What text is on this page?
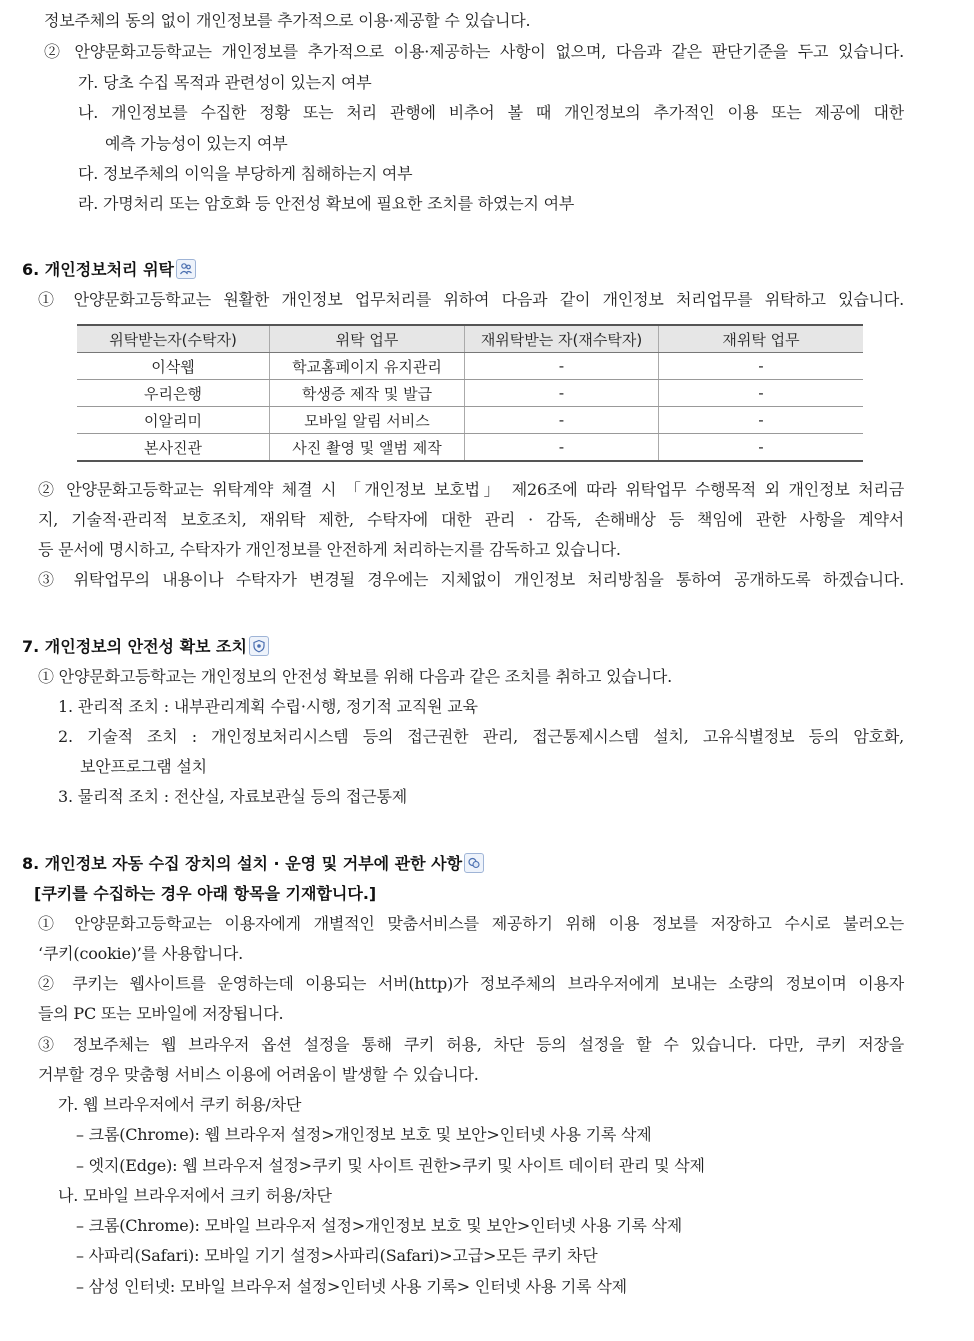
정보주체의 동의 없이 개인정보를 추가적으로 이용·제공할 수 있습니다.
② 안양문화고등학교는 개인정보를 추가적으로 이용·제공하는 사항이 없으며, 다음과 같은 판단기준을 두고 있습니다.
가. 당초 수집 목적과 관련성이 있는지 여부
나. 개인정보를 수집한 정황 또는 처리 관행에 비추어 볼 때 개인정보의 추가적인 이용 또는 제공에 대한
예측 가능성이 있는지 여부
다. 정보주체의 이익을 부당하게 침해하는지 여부
라. 가명처리 또는 암호화 등 안전성 확보에 필요한 조치를 하였는지 여부
6. 개인정보처리 위탁
① 안양문화고등학교는 원활한 개인정보 업무처리를 위하여 다음과 같이 개인정보 처리업무를 위탁하고 있습니다.
위탁받는자(수탁자)	위탁 업무	재위탁받는 자(재수탁자)	재위탁 업무
이삭웹	학교홈페이지 유지관리	-	-
우리은행	학생증 제작 및 발급	-	-
이알리미	모바일 알림 서비스	-	-
본사진관	사진 촬영 및 앨범 제작	-	-
② 안양문화고등학교는 위탁계약 체결 시 「개인정보 보호법」 제26조에 따라 위탁업무 수행목적 외 개인정보 처리금
지, 기술적·관리적 보호조치, 재위탁 제한, 수탁자에 대한 관리 · 감독, 손해배상 등 책임에 관한 사항을 계약서
등 문서에 명시하고, 수탁자가 개인정보를 안전하게 처리하는지를 감독하고 있습니다.
③ 위탁업무의 내용이나 수탁자가 변경될 경우에는 지체없이 개인정보 처리방침을 통하여 공개하도록 하겠습니다.
7. 개인정보의 안전성 확보 조치
① 안양문화고등학교는 개인정보의 안전성 확보를 위해 다음과 같은 조치를 취하고 있습니다.
1. 관리적 조치 : 내부관리계획 수립·시행, 정기적 교직원 교육
2. 기술적 조치 : 개인정보처리시스템 등의 접근권한 관리, 접근통제시스템 설치, 고유식별정보 등의 암호화,
보안프로그램 설치
3. 물리적 조치 : 전산실, 자료보관실 등의 접근통제
8. 개인정보 자동 수집 장치의 설치 · 운영 및 거부에 관한 사항
[쿠키를 수집하는 경우 아래 항목을 기재합니다.]
① 안양문화고등학교는 이용자에게 개별적인 맞춤서비스를 제공하기 위해 이용 정보를 저장하고 수시로 불러오는
‘쿠키(cookie)’를 사용합니다.
② 쿠키는 웹사이트를 운영하는데 이용되는 서버(http)가 정보주체의 브라우저에게 보내는 소량의 정보이며 이용자
들의 PC 또는 모바일에 저장됩니다.
③ 정보주체는 웹 브라우저 옵션 설정을 통해 쿠키 허용, 차단 등의 설정을 할 수 있습니다. 다만, 쿠키 저장을
거부할 경우 맞춤형 서비스 이용에 어려움이 발생할 수 있습니다.
가. 웹 브라우저에서 쿠키 허용/차단
– 크롬(Chrome): 웹 브라우저 설정>개인정보 보호 및 보안>인터넷 사용 기록 삭제
– 엣지(Edge): 웹 브라우저 설정>쿠키 및 사이트 권한>쿠키 및 사이트 데이터 관리 및 삭제
나. 모바일 브라우저에서 크키 허용/차단
– 크롬(Chrome): 모바일 브라우저 설정>개인정보 보호 및 보안>인터넷 사용 기록 삭제
– 사파리(Safari): 모바일 기기 설정>사파리(Safari)>고급>모든 쿠키 차단
– 삼성 인터넷: 모바일 브라우저 설정>인터넷 사용 기록> 인터넷 사용 기록 삭제
